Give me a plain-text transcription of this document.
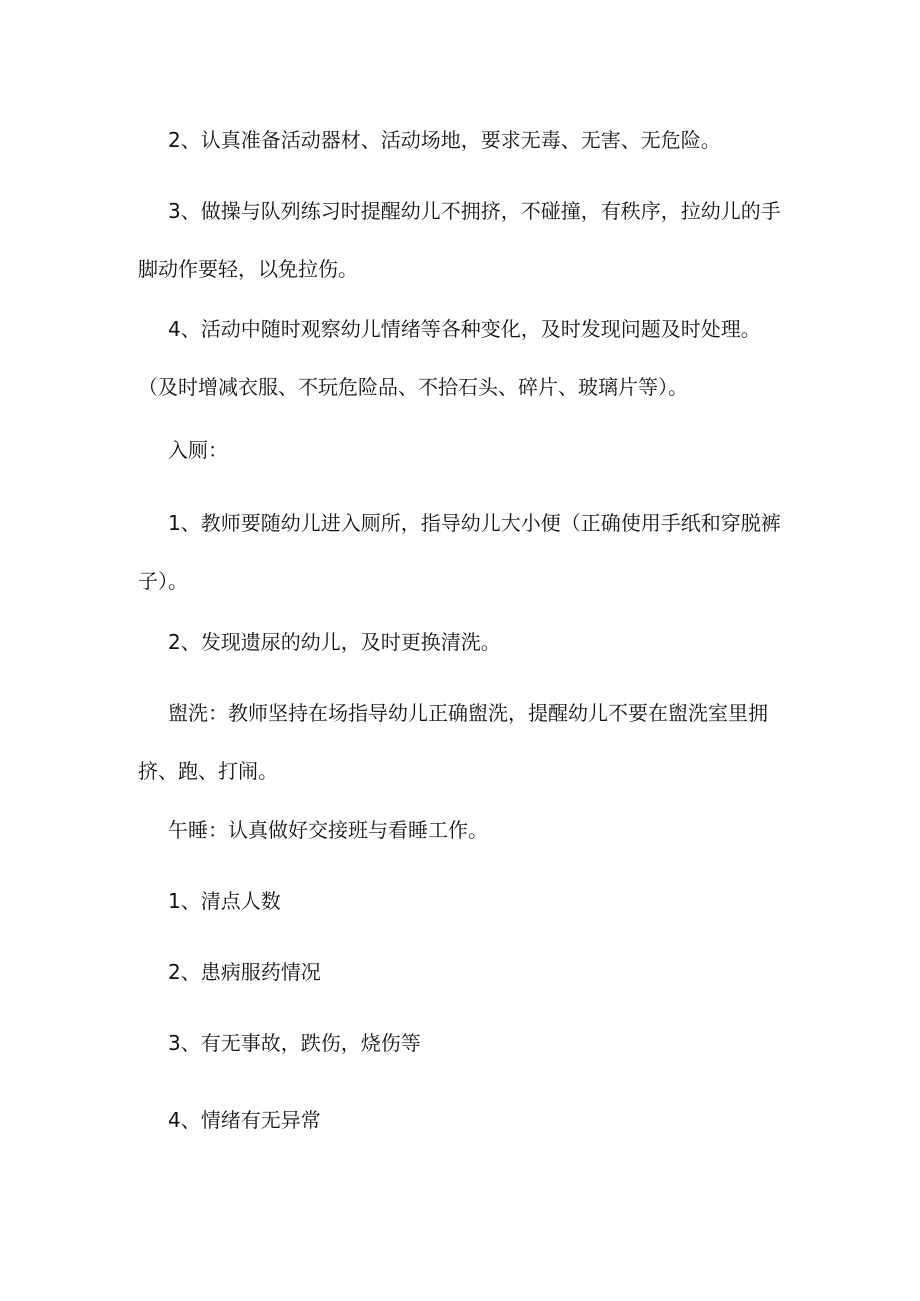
2、认真准备活动器材、活动场地，要求无毒、无害、无危险。

3、做操与队列练习时提醒幼儿不拥挤，不碰撞，有秩序，拉幼儿的手脚动作要轻，以免拉伤。

4、活动中随时观察幼儿情绪等各种变化，及时发现问题及时处理。（及时增减衣服、不玩危险品、不拾石头、碎片、玻璃片等）。

入厕：

1、教师要随幼儿进入厕所，指导幼儿大小便（正确使用手纸和穿脱裤子）。

2、发现遗尿的幼儿，及时更换清洗。

盥洗：教师坚持在场指导幼儿正确盥洗，提醒幼儿不要在盥洗室里拥挤、跑、打闹。

午睡：认真做好交接班与看睡工作。

1、清点人数

2、患病服药情况

3、有无事故，跌伤，烧伤等

4、情绪有无异常
